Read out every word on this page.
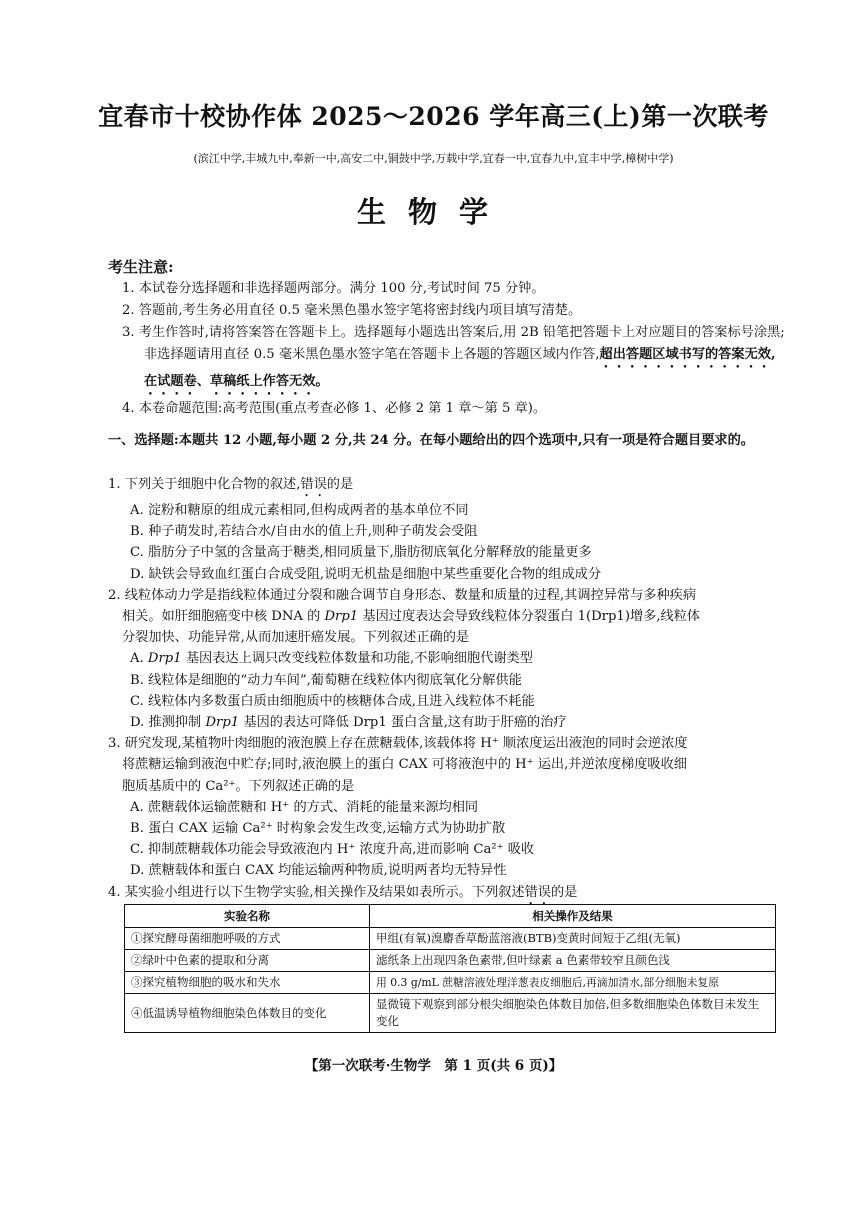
宜春市十校协作体 2025～2026 学年高三(上)第一次联考
(滨江中学,丰城九中,奉新一中,高安二中,铜鼓中学,万载中学,宜春一中,宜春九中,宜丰中学,樟树中学)
生物学
考生注意:
1. 本试卷分选择题和非选择题两部分。满分 100 分,考试时间 75 分钟。
2. 答题前,考生务必用直径 0.5 毫米黑色墨水签字笔将密封线内项目填写清楚。
3. 考生作答时,请将答案答在答题卡上。选择题每小题选出答案后,用 2B 铅笔把答题卡上对应题目的答案标号涂黑;非选择题请用直径 0.5 毫米黑色墨水签字笔在答题卡上各题的答题区域内作答,超出答题区域书写的答案无效,在试题卷、草稿纸上作答无效。
4. 本卷命题范围:高考范围(重点考查必修 1、必修 2 第 1 章～第 5 章)。
一、选择题:本题共 12 小题,每小题 2 分,共 24 分。在每小题给出的四个选项中,只有一项是符合题目要求的。
1. 下列关于细胞中化合物的叙述,错误的是
A. 淀粉和糖原的组成元素相同,但构成两者的基本单位不同
B. 种子萌发时,若结合水/自由水的值上升,则种子萌发会受阻
C. 脂肪分子中氢的含量高于糖类,相同质量下,脂肪彻底氧化分解释放的能量更多
D. 缺铁会导致血红蛋白合成受阻,说明无机盐是细胞中某些重要化合物的组成成分
2. 线粒体动力学是指线粒体通过分裂和融合调节自身形态、数量和质量的过程,其调控异常与多种疾病
相关。如肝细胞癌变中核 DNA 的 Drp1 基因过度表达会导致线粒体分裂蛋白 1(Drp1)增多,线粒体
分裂加快、功能异常,从而加速肝癌发展。下列叙述正确的是
A. Drp1 基因表达上调只改变线粒体数量和功能,不影响细胞代谢类型
B. 线粒体是细胞的“动力车间”,葡萄糖在线粒体内彻底氧化分解供能
C. 线粒体内多数蛋白质由细胞质中的核糖体合成,且进入线粒体不耗能
D. 推测抑制 Drp1 基因的表达可降低 Drp1 蛋白含量,这有助于肝癌的治疗
3. 研究发现,某植物叶肉细胞的液泡膜上存在蔗糖载体,该载体将 H⁺ 顺浓度运出液泡的同时会逆浓度
将蔗糖运输到液泡中贮存;同时,液泡膜上的蛋白 CAX 可将液泡中的 H⁺ 运出,并逆浓度梯度吸收细
胞质基质中的 Ca²⁺。下列叙述正确的是
A. 蔗糖载体运输蔗糖和 H⁺ 的方式、消耗的能量来源均相同
B. 蛋白 CAX 运输 Ca²⁺ 时构象会发生改变,运输方式为协助扩散
C. 抑制蔗糖载体功能会导致液泡内 H⁺ 浓度升高,进而影响 Ca²⁺ 吸收
D. 蔗糖载体和蛋白 CAX 均能运输两种物质,说明两者均无特异性
4. 某实验小组进行以下生物学实验,相关操作及结果如表所示。下列叙述错误的是
实验名称	相关操作及结果
①探究酵母菌细胞呼吸的方式	甲组(有氧)溴麝香草酚蓝溶液(BTB)变黄时间短于乙组(无氧)
②绿叶中色素的提取和分离	滤纸条上出现四条色素带,但叶绿素 a 色素带较窄且颜色浅
③探究植物细胞的吸水和失水	用 0.3 g/mL 蔗糖溶液处理洋葱表皮细胞后,再滴加清水,部分细胞未复原
④低温诱导植物细胞染色体数目的变化	显微镜下观察到部分根尖细胞染色体数目加倍,但多数细胞染色体数目未发生变化
【第一次联考·生物学　第 1 页(共 6 页)】
